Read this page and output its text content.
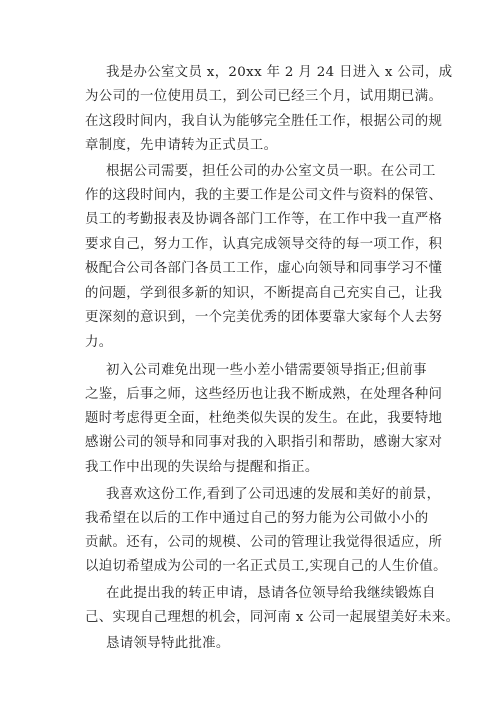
我是办公室文员 x，20xx 年 2 月 24 日进入 x 公司，成
为公司的一位使用员工，到公司已经三个月，试用期已满。
在这段时间内，我自认为能够完全胜任工作，根据公司的规
章制度，先申请转为正式员工。
根据公司需要，担任公司的办公室文员一职。在公司工
作的这段时间内，我的主要工作是公司文件与资料的保管、
员工的考勤报表及协调各部门工作等，在工作中我一直严格
要求自己，努力工作，认真完成领导交待的每一项工作，积
极配合公司各部门各员工工作，虚心向领导和同事学习不懂
的问题，学到很多新的知识，不断提高自己充实自己，让我
更深刻的意识到，一个完美优秀的团体要靠大家每个人去努
力。
初入公司难免出现一些小差小错需要领导指正;但前事
之鉴，后事之师，这些经历也让我不断成熟，在处理各种问
题时考虑得更全面，杜绝类似失误的发生。在此，我要特地
感谢公司的领导和同事对我的入职指引和帮助，感谢大家对
我工作中出现的失误给与提醒和指正。
我喜欢这份工作,看到了公司迅速的发展和美好的前景，
我希望在以后的工作中通过自己的努力能为公司做小小的
贡献。还有，公司的规模、公司的管理让我觉得很适应，所
以迫切希望成为公司的一名正式员工,实现自己的人生价值。
在此提出我的转正申请，恳请各位领导给我继续锻炼自
己、实现自己理想的机会，同河南 x 公司一起展望美好未来。
恳请领导特此批准。
